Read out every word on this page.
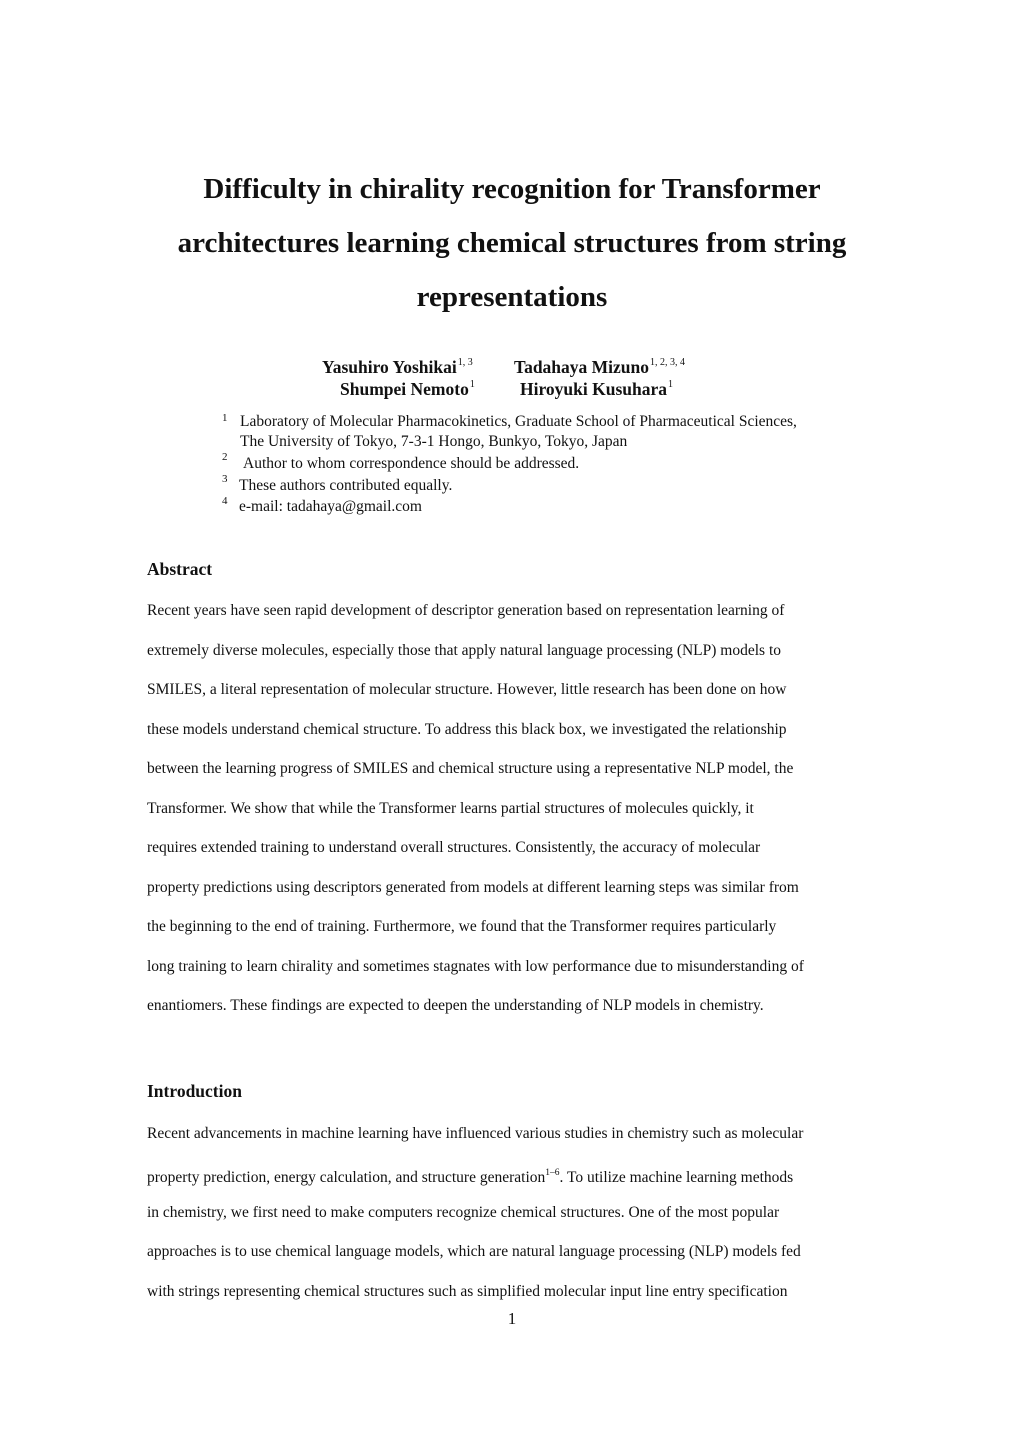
Difficulty in chirality recognition for Transformer
architectures learning chemical structures from string
representations
Yasuhiro Yoshikai$^{1, 3}$ Tadahaya Mizuno$^{1, 2, 3, 4}$
Shumpei Nemoto$^1$	Hiroyuki Kusuhara$^1$
1 Laboratory of Molecular Pharmacokinetics, Graduate School of Pharmaceutical Sciences,
The University of Tokyo, 7-3-1 Hongo, Bunkyo, Tokyo, Japan
2 Author to whom correspondence should be addressed.
3 These authors contributed equally.
4 e-mail: tadahaya@gmail.com
Abstract
Recent years have seen rapid development of descriptor generation based on representation learning of
extremely diverse molecules, especially those that apply natural language processing (NLP) models to
SMILES, a literal representation of molecular structure. However, little research has been done on how
these models understand chemical structure. To address this black box, we investigated the relationship
between the learning progress of SMILES and chemical structure using a representative NLP model, the
Transformer. We show that while the Transformer learns partial structures of molecules quickly, it
requires extended training to understand overall structures. Consistently, the accuracy of molecular
property predictions using descriptors generated from models at different learning steps was similar from
the beginning to the end of training. Furthermore, we found that the Transformer requires particularly
long training to learn chirality and sometimes stagnates with low performance due to misunderstanding of
enantiomers. These findings are expected to deepen the understanding of NLP models in chemistry.
Introduction
Recent advancements in machine learning have influenced various studies in chemistry such as molecular
property prediction, energy calculation, and structure generation$^{1-6}$. To utilize machine learning methods
in chemistry, we first need to make computers recognize chemical structures. One of the most popular
approaches is to use chemical language models, which are natural language processing (NLP) models fed
with strings representing chemical structures such as simplified molecular input line entry specification
1
